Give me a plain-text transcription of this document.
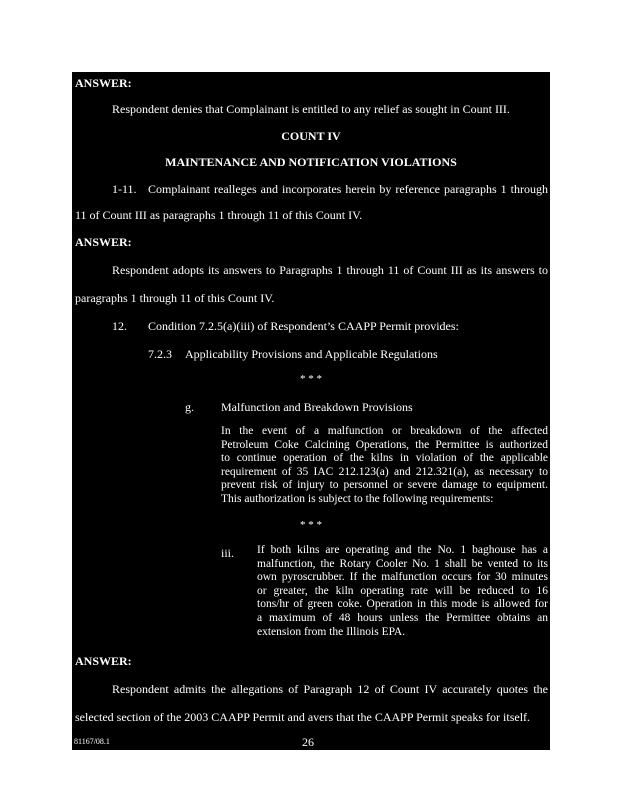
ANSWER:
Respondent denies that Complainant is entitled to any relief as sought in Count III.
COUNT IV
MAINTENANCE AND NOTIFICATION VIOLATIONS
1-11. Complainant realleges and incorporates herein by reference paragraphs 1 through
11 of Count III as paragraphs 1 through 11 of this Count IV.
ANSWER:
Respondent adopts its answers to Paragraphs 1 through 11 of Count III as its answers to
paragraphs 1 through 11 of this Count IV.
12. Condition 7.2.5(a)(iii) of Respondent’s CAAPP Permit provides:
7.2.3 Applicability Provisions and Applicable Regulations
* * *
g. Malfunction and Breakdown Provisions
In the event of a malfunction or breakdown of the affected
Petroleum Coke Calcining Operations, the Permittee is authorized
to continue operation of the kilns in violation of the applicable
requirement of 35 IAC 212.123(a) and 212.321(a), as necessary to
prevent risk of injury to personnel or severe damage to equipment.
This authorization is subject to the following requirements:
* * *
iii. If both kilns are operating and the No. 1 baghouse has a
malfunction, the Rotary Cooler No. 1 shall be vented to its
own pyroscrubber. If the malfunction occurs for 30 minutes
or greater, the kiln operating rate will be reduced to 16
tons/hr of green coke. Operation in this mode is allowed for
a maximum of 48 hours unless the Permittee obtains an
extension from the Illinois EPA.
ANSWER:
Respondent admits the allegations of Paragraph 12 of Count IV accurately quotes the
selected section of the 2003 CAAPP Permit and avers that the CAAPP Permit speaks for itself.
81167/08.1	26
